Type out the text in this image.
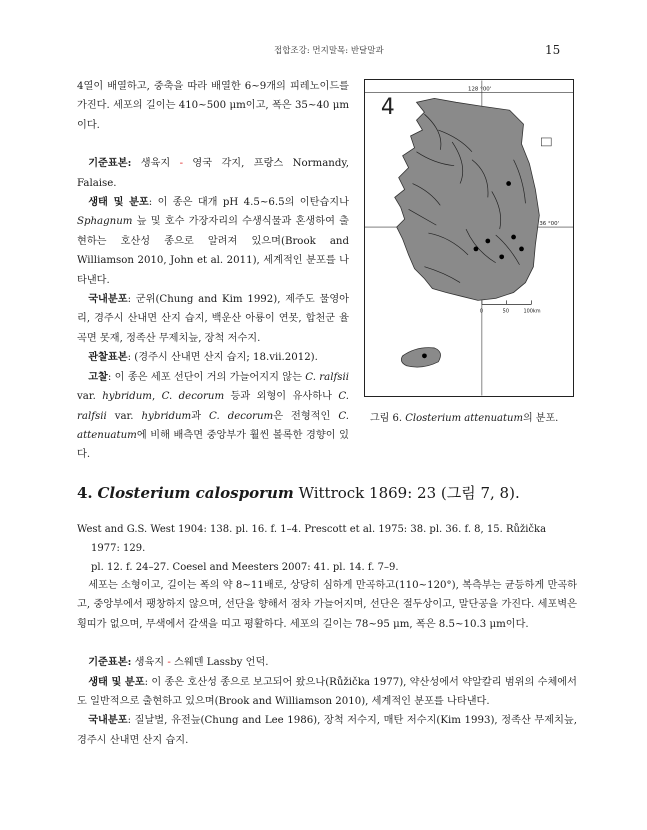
접합조강: 먼지말목: 반달말과	15

4열이 배열하고, 중축을 따라 배열한 6~9개의 피레노이드를 가진다. 세포의 길이는 410~500 μm이고, 폭은 35~40 μm이다.

기준표본: 생육지 - 영국 각지, 프랑스 Normandy, Falaise.

생태 및 분포: 이 종은 대개 pH 4.5~6.5의 이탄습지나 Sphagnum 늪 및 호수 가장자리의 수생식물과 혼생하여 출현하는 호산성 종으로 알려져 있으며(Brook and Williamson 2010, John et al. 2011), 세계적인 분포를 나타낸다.

국내분포: 군위(Chung and Kim 1992), 제주도 물영아리, 경주시 산내면 산지 습지, 백운산 아룡이 연못, 합천군 율곡면 못재, 정족산 무제치늪, 장척 저수지.

관찰표본: (경주시 산내면 산지 습지; 18.vii.2012).

고찰: 이 종은 세포 선단이 거의 가늘어지지 않는 C. ralfsii var. hybridum, C. decorum 등과 외형이 유사하나 C. ralfsii var. hybridum과 C. decorum은 전형적인 C. attenuatum에 비해 배측면 중앙부가 훨씬 볼록한 경향이 있다.

4
128 °00'
36 °00'
0	50	100km
그림 6. Closterium attenuatum의 분포.
4. Closterium calosporum Wittrock 1869: 23 (그림 7, 8).

West and G.S. West 1904: 138. pl. 16. f. 1–4. Prescott et al. 1975: 38. pl. 36. f. 8, 15. Růžička 1977: 129.
pl. 12. f. 24–27. Coesel and Meesters 2007: 41. pl. 14. f. 7–9.

세포는 소형이고, 길이는 폭의 약 8~11배로, 상당히 심하게 만곡하고(110~120°), 복측부는 균등하게 만곡하고, 중앙부에서 팽창하지 않으며, 선단을 향해서 점차 가늘어지며, 선단은 절두상이고, 말단공을 가진다. 세포벽은 횡띠가 없으며, 무색에서 갈색을 띠고 평활하다. 세포의 길이는 78~95 μm, 폭은 8.5~10.3 μm이다.

기준표본: 생육지 - 스웨덴 Lassby 언덕.

생태 및 분포: 이 종은 호산성 종으로 보고되어 왔으나(Růžička 1977), 약산성에서 약알칼리 범위의 수체에서도 일반적으로 출현하고 있으며(Brook and Williamson 2010), 세계적인 분포를 나타낸다.

국내분포: 질날벌, 유전늪(Chung and Lee 1986), 장척 저수지, 매탄 저수지(Kim 1993), 정족산 무제치늪, 경주시 산내면 산지 습지.
